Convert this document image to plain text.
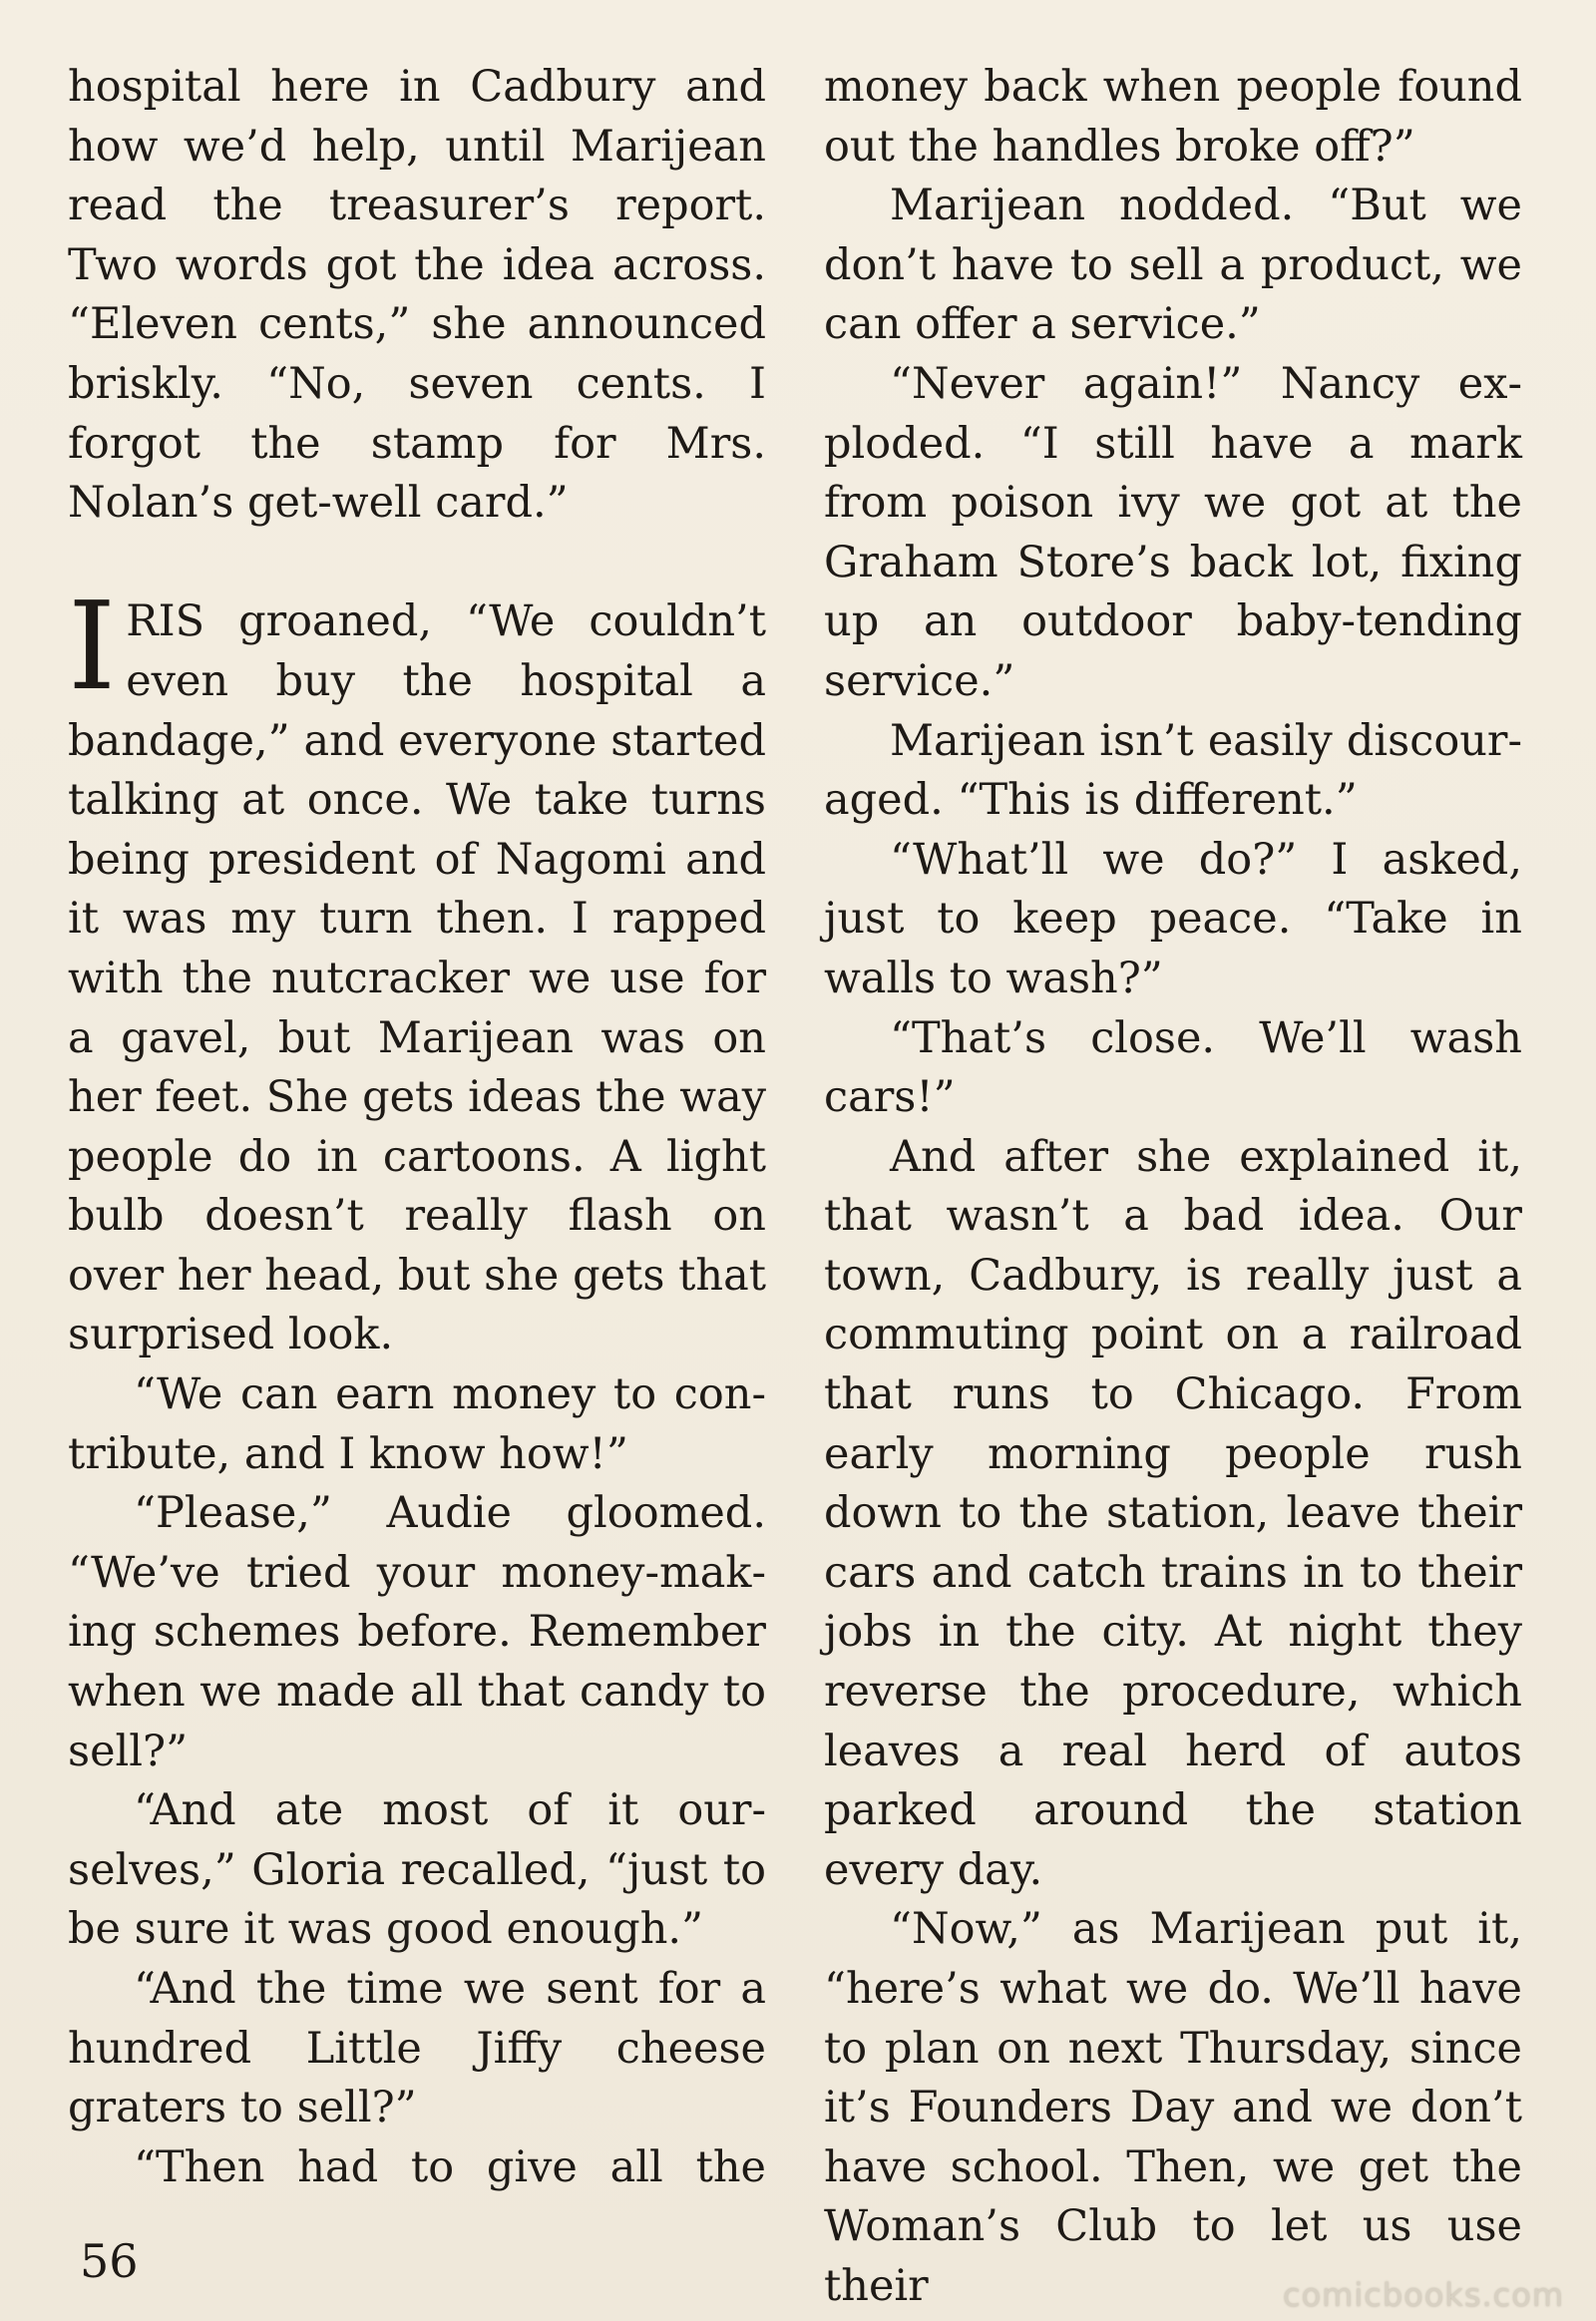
hospital here in Cadbury and how we’d help, until Marijean read the treasurer’s report. Two words got the idea across. “Eleven cents,” she announced briskly. “No, seven cents. I forgot the stamp for Mrs. Nolan’s get-well card.”

IRIS groaned, “We couldn’t even buy the hospital a bandage,” and everyone started talking at once. We take turns being president of Nagomi and it was my turn then. I rapped with the nutcracker we use for a gavel, but Marijean was on her feet. She gets ideas the way people do in cartoons. A light bulb doesn’t really flash on over her head, but she gets that surprised look.

“We can earn money to contribute, and I know how!”

“Please,” Audie gloomed. “We’ve tried your money-making schemes before. Remember when we made all that candy to sell?”

“And ate most of it ourselves,” Gloria recalled, “just to be sure it was good enough.”

“And the time we sent for a hundred Little Jiffy cheese graters to sell?”

“Then had to give all the

money back when people found out the handles broke off?”

Marijean nodded. “But we don’t have to sell a product, we can offer a service.”

“Never again!” Nancy exploded. “I still have a mark from poison ivy we got at the Graham Store’s back lot, fixing up an outdoor baby-tending service.”

Marijean isn’t easily discouraged. “This is different.”

“What’ll we do?” I asked, just to keep peace. “Take in walls to wash?”

“That’s close. We’ll wash cars!”

And after she explained it, that wasn’t a bad idea. Our town, Cadbury, is really just a commuting point on a railroad that runs to Chicago. From early morning people rush down to the station, leave their cars and catch trains in to their jobs in the city. At night they reverse the procedure, which leaves a real herd of autos parked around the station every day.

“Now,” as Marijean put it, “here’s what we do. We’ll have to plan on next Thursday, since it’s Founders Day and we don’t have school. Then, we get the Woman’s Club to let us use their

56
comicbooks.com
